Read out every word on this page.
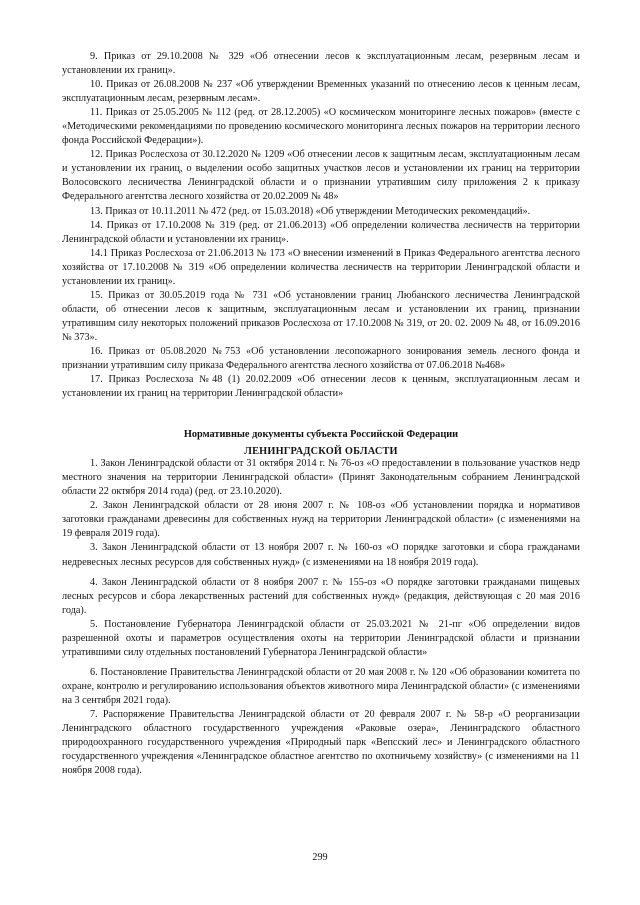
9. Приказ от 29.10.2008 № 329 «Об отнесении лесов к эксплуатационным лесам, резервным лесам и установлении их границ».

10. Приказ от 26.08.2008 № 237 «Об утверждении Временных указаний по отнесению лесов к ценным лесам, эксплуатационным лесам, резервным лесам».

11. Приказ от 25.05.2005 № 112 (ред. от 28.12.2005) «О космическом мониторинге лесных пожаров» (вместе с «Методическими рекомендациями по проведению космического мониторинга лесных пожаров на территории лесного фонда Российской Федерации»).

12. Приказ Рослесхоза от 30.12.2020 № 1209 «Об отнесении лесов к защитным лесам, эксплуатационным лесам и установлении их границ, о выделении особо защитных участков лесов и установлении их границ на территории Волосовского лесничества Ленинградской области и о признании утратившим силу приложения 2 к приказу Федерального агентства лесного хозяйства от 20.02.2009 № 48»

13. Приказ от 10.11.2011 № 472 (ред. от 15.03.2018) «Об утверждении Методических рекомендаций».

14. Приказ от 17.10.2008 № 319 (ред. от 21.06.2013) «Об определении количества лесничеств на территории Ленинградской области и установлении их границ».

14.1 Приказ Рослесхоза от 21.06.2013 № 173 «О внесении изменений в Приказ Федерального агентства лесного хозяйства от 17.10.2008 № 319 «Об определении количества лесничеств на территории Ленинградской области и установлении их границ».

15. Приказ от 30.05.2019 года № 731 «Об установлении границ Любанского лесничества Ленинградской области, об отнесении лесов к защитным, эксплуатационным лесам и установлении их границ, признании утратившим силу некоторых положений приказов Рослесхоза от 17.10.2008 № 319, от 20. 02. 2009 № 48, от 16.09.2016 № 373».

16. Приказ от 05.08.2020 №753 «Об установлении лесопожарного зонирования земель лесного фонда и признании утратившим силу приказа Федерального агентства лесного хозяйства от 07.06.2018 №468»

17. Приказ Рослесхоза №48 (1) 20.02.2009 «Об отнесении лесов к ценным, эксплуатационным лесам и установлении их границ на территории Ленинградской области»

Нормативные документы субъекта Российской Федерации

ЛЕНИНГРАДСКОЙ ОБЛАСТИ

1. Закон Ленинградской области от 31 октября 2014 г. № 76-оз «О предоставлении в пользование участков недр местного значения на территории Ленинградской области» (Принят Законодательным собранием Ленинградской области 22 октября 2014 года) (ред. от 23.10.2020).

2. Закон Ленинградской области от 28 июня 2007 г. № 108-оз «Об установлении порядка и нормативов заготовки гражданами древесины для собственных нужд на территории Ленинградской области» (с изменениями на 19 февраля 2019 года).

3. Закон Ленинградской области от 13 ноября 2007 г. № 160-оз «О порядке заготовки и сбора гражданами недревесных лесных ресурсов для собственных нужд» (с изменениями на 18 ноября 2019 года).

4. Закон Ленинградской области от 8 ноября 2007 г. № 155-оз «О порядке заготовки гражданами пищевых лесных ресурсов и сбора лекарственных растений для собственных нужд» (редакция, действующая с 20 мая 2016 года).

5. Постановление Губернатора Ленинградской области от 25.03.2021 № 21-пг «Об определении видов разрешенной охоты и параметров осуществления охоты на территории Ленинградской области и признании утратившими силу отдельных постановлений Губернатора Ленинградской области»

6. Постановление Правительства Ленинградской области от 20 мая 2008 г. № 120 «Об образовании комитета по охране, контролю и регулированию использования объектов животного мира Ленинградской области» (с изменениями на 3 сентября 2021 года).

7. Распоряжение Правительства Ленинградской области от 20 февраля 2007 г. № 58-р «О реорганизации Ленинградского областного государственного учреждения «Раковые озера», Ленинградского областного природоохранного государственного учреждения «Природный парк «Вепсский лес» и Ленинградского областного государственного учреждения «Ленинградское областное агентство по охотничьему хозяйству» (с изменениями на 11 ноября 2008 года).

299
